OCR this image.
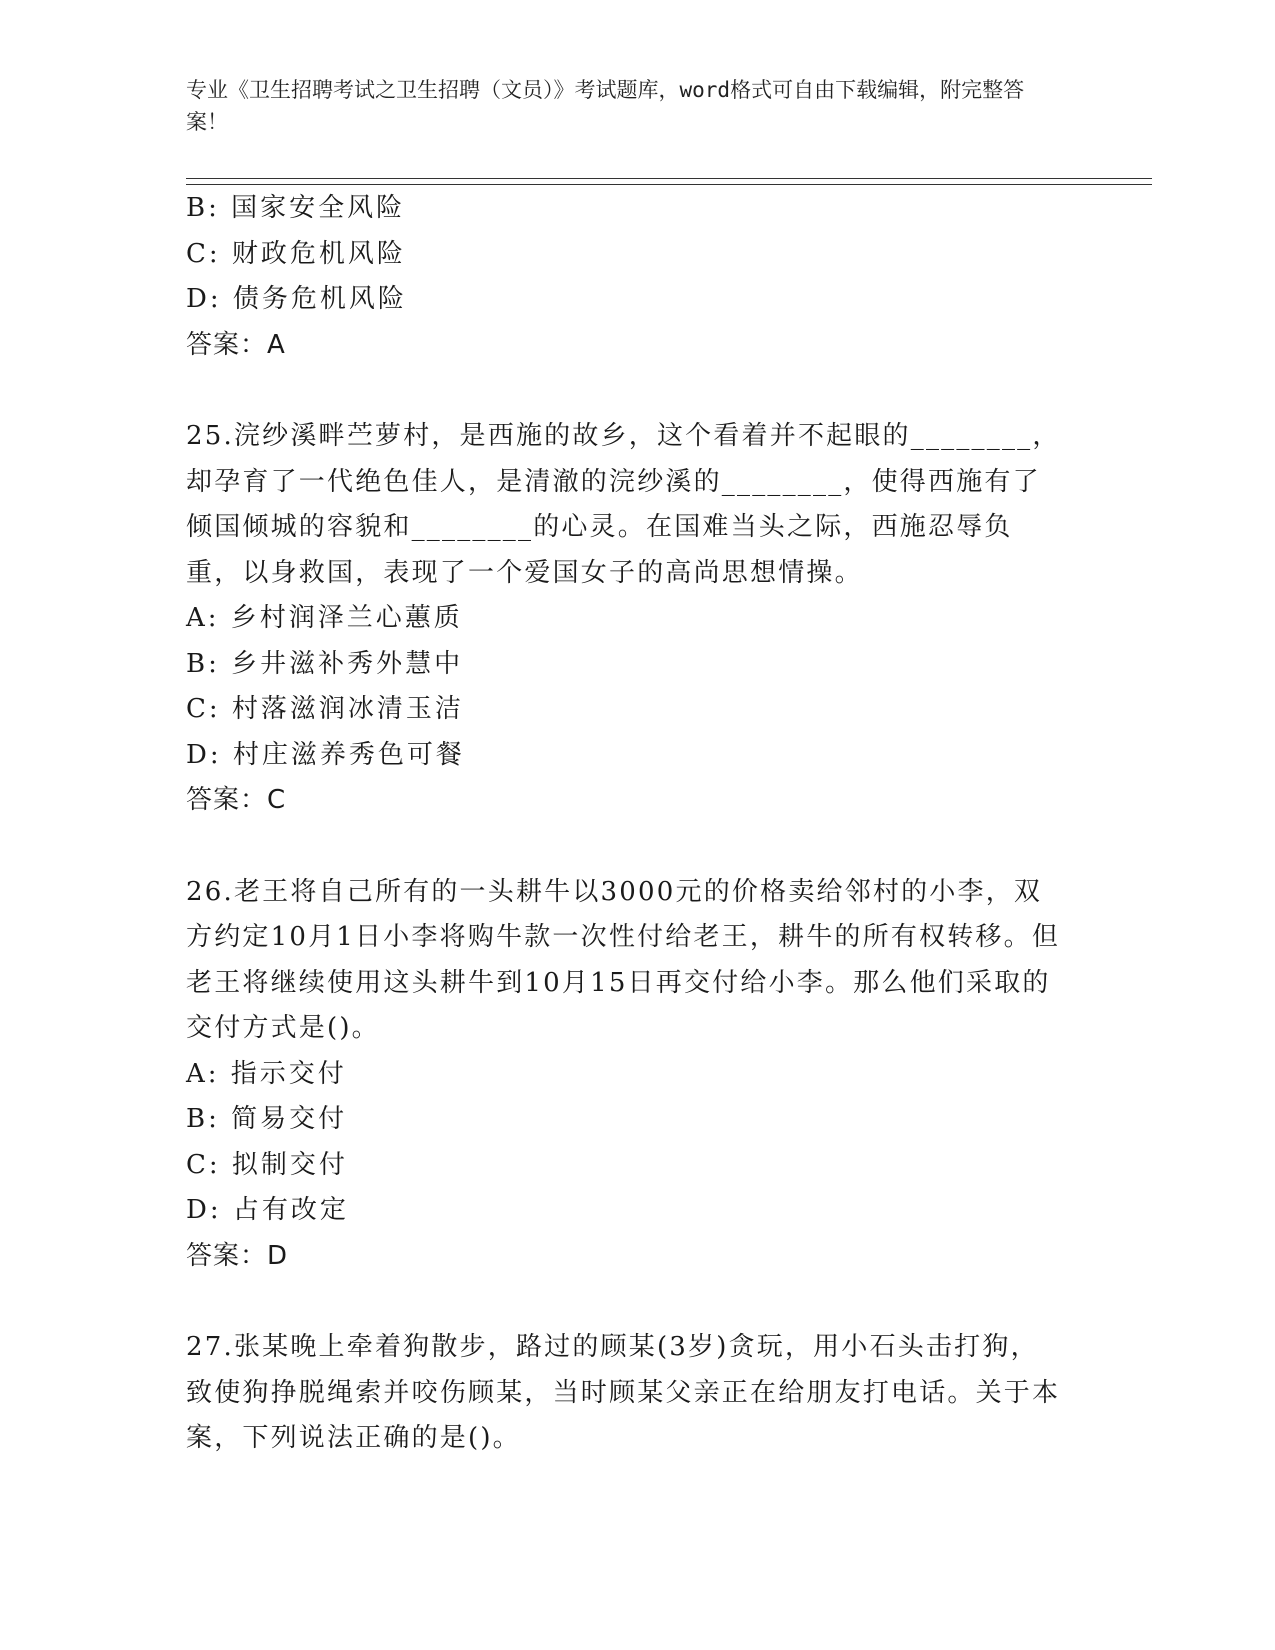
专业《卫生招聘考试之卫生招聘（文员）》考试题库，word格式可自由下载编辑，附完整答案！
B: 国家安全风险
C: 财政危机风险
D: 债务危机风险
答案：A
25.浣纱溪畔苎萝村，是西施的故乡，这个看着并不起眼的________，却孕育了一代绝色佳人，是清澈的浣纱溪的________，使得西施有了倾国倾城的容貌和________的心灵。在国难当头之际，西施忍辱负重，以身救国，表现了一个爱国女子的高尚思想情操。
A: 乡村润泽兰心蕙质
B: 乡井滋补秀外慧中
C: 村落滋润冰清玉洁
D: 村庄滋养秀色可餐
答案：C
26.老王将自己所有的一头耕牛以3000元的价格卖给邻村的小李，双方约定10月1日小李将购牛款一次性付给老王，耕牛的所有权转移。但老王将继续使用这头耕牛到10月15日再交付给小李。那么他们采取的交付方式是()。
A: 指示交付
B: 简易交付
C: 拟制交付
D: 占有改定
答案：D
27.张某晚上牵着狗散步，路过的顾某(3岁)贪玩，用小石头击打狗，致使狗挣脱绳索并咬伤顾某，当时顾某父亲正在给朋友打电话。关于本案，下列说法正确的是()。
